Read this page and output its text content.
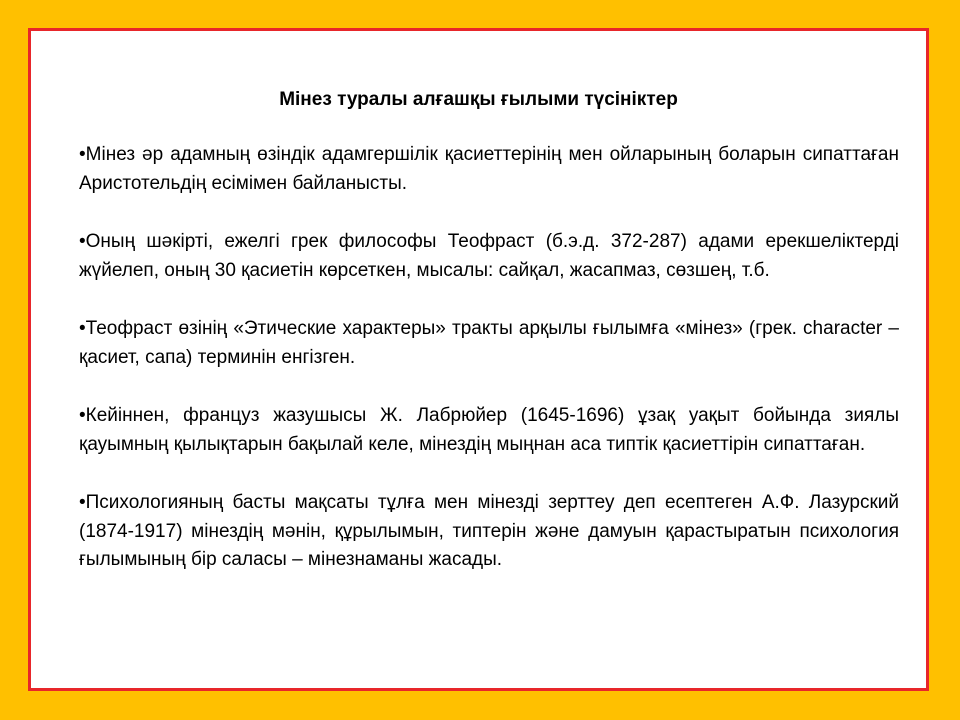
Мінез туралы алғашқы ғылыми түсініктер
•Мінез әр адамның өзіндік адамгершілік қасиеттерінің мен ойларының боларын сипаттаған Аристотельдің есімімен байланысты.
•Оның шәкірті, ежелгі грек философы Теофраст (б.э.д. 372-287) адами ерекшеліктерді жүйелеп, оның 30 қасиетін көрсеткен, мысалы: сайқал, жасапмаз, сөзшең, т.б.
•Теофраст өзінің «Этические характеры» тракты арқылы ғылымға «мінез» (грек. character – қасиет, сапа) терминін енгізген.
•Кейіннен, француз жазушысы Ж. Лабрюйер (1645-1696) ұзақ уақыт бойында зиялы қауымның қылықтарын бақылай келе, мінездің мыңнан аса типтік қасиеттірін сипаттаған.
•Психологияның басты мақсаты тұлға мен мінезді зерттеу деп есептеген А.Ф. Лазурский (1874-1917) мінездің мәнін, құрылымын, типтерін және дамуын қарастыратын психология ғылымының бір саласы – мінезнаманы жасады.
